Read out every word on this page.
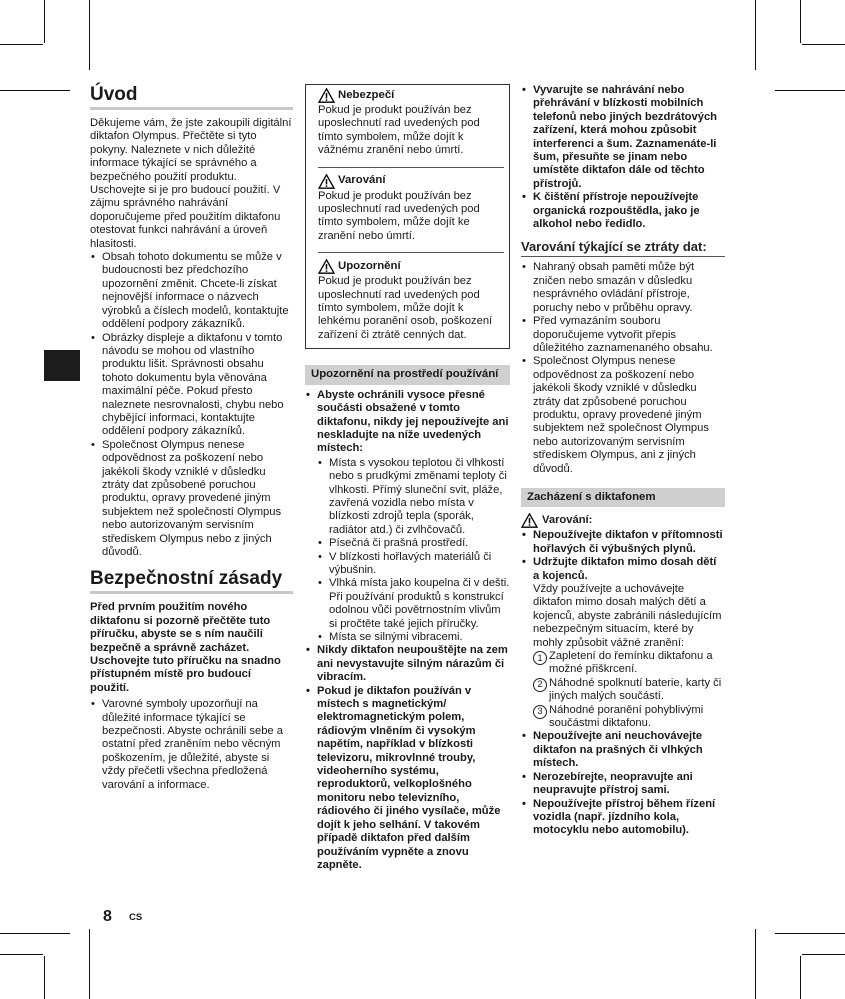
Úvod

Děkujeme vám, že jste zakoupili digitální diktafon Olympus. Přečtěte si tyto pokyny. Naleznete v nich důležité informace týkající se správného a bezpečného použití produktu. Uschovejte si je pro budoucí použití. V zájmu správného nahrávání doporučujeme před použitím diktafonu otestovat funkci nahrávání a úroveň hlasitosti.

• Obsah tohoto dokumentu se může v budoucnosti bez předchozího upozornění změnit. Chcete-li získat nejnovější informace o názvech výrobků a číslech modelů, kontaktujte oddělení podpory zákazníků.
• Obrázky displeje a diktafonu v tomto návodu se mohou od vlastního produktu lišit. Správnosti obsahu tohoto dokumentu byla věnována maximální péče. Pokud přesto naleznete nesrovnalosti, chybu nebo chybějící informaci, kontaktujte oddělení podpory zákazníků.
• Společnost Olympus nenese odpovědnost za poškození nebo jakékoli škody vzniklé v důsledku ztráty dat způsobené poruchou produktu, opravy provedené jiným subjektem než společností Olympus nebo autorizovaným servisním střediskem Olympus nebo z jiných důvodů.
Bezpečnostní zásady

Před prvním použitím nového diktafonu si pozorně přečtěte tuto příručku, abyste se s ním naučili bezpečně a správně zacházet. Uschovejte tuto příručku na snadno přístupném místě pro budoucí použití.

• Varovné symboly upozorňují na důležité informace týkající se bezpečnosti. Abyste ochránili sebe a ostatní před zraněním nebo věcným poškozením, je důležité, abyste si vždy přečetli všechna předložená varování a informace.
Nebezpečí

Pokud je produkt používán bez uposlechnutí rad uvedených pod tímto symbolem, může dojít k vážnému zranění nebo úmrtí.

Varování

Pokud je produkt používán bez uposlechnutí rad uvedených pod tímto symbolem, může dojít ke zranění nebo úmrtí.

Upozornění

Pokud je produkt používán bez uposlechnutí rad uvedených pod tímto symbolem, může dojít k lehkému poranění osob, poškození zařízení či ztrátě cenných dat.

Upozornění na prostředí používání
• Abyste ochránili vysoce přesné součásti obsažené v tomto diktafonu, nikdy jej nepoužívejte ani neskladujte na níže uvedených místech:
• Místa s vysokou teplotou či vlhkostí nebo s prudkými změnami teploty či vlhkosti. Přímý sluneční svit, pláže, zavřená vozidla nebo místa v blízkosti zdrojů tepla (sporák, radiátor atd.) či zvlhčovačů.
• Písečná či prašná prostředí.
• V blízkosti hořlavých materiálů či výbušnin.
• Vlhká místa jako koupelna či v dešti. Při používání produktů s konstrukcí odolnou vůči povětrnostním vlivům si pročtěte také jejich příručky.
• Místa se silnými vibracemi.
• Nikdy diktafon neupouštějte na zem ani nevystavujte silným nárazům či vibracím.
• Pokud je diktafon používán v místech s magnetickým/ elektromagnetickým polem, rádiovým vlněním či vysokým napětím, například v blízkosti televizoru, mikrovlnné trouby, videoherního systému, reproduktorů, velkoplošného monitoru nebo televizního, rádiového či jiného vysílače, může dojít k jeho selhání. V takovém případě diktafon před dalším používáním vypněte a znovu zapněte.
• Vyvarujte se nahrávání nebo přehrávání v blízkosti mobilních telefonů nebo jiných bezdrátových zařízení, která mohou způsobit interferenci a šum. Zaznamenáte-li šum, přesuňte se jinam nebo umístěte diktafon dále od těchto přístrojů.
• K čištění přístroje nepoužívejte organická rozpouštědla, jako je alkohol nebo ředidlo.
Varování týkající se ztráty dat:
• Nahraný obsah paměti může být zničen nebo smazán v důsledku nesprávného ovládání přístroje, poruchy nebo v průběhu opravy.
• Před vymazáním souboru doporučujeme vytvořit přepis důležitého zaznamenaného obsahu.
• Společnost Olympus nenese odpovědnost za poškození nebo jakékoli škody vzniklé v důsledku ztráty dat způsobené poruchou produktu, opravy provedené jiným subjektem než společnost Olympus nebo autorizovaným servisním střediskem Olympus, ani z jiných důvodů.
Zacházení s diktafonem
Varování:
• Nepoužívejte diktafon v přítomnosti hořlavých či výbušných plynů.
• Udržujte diktafon mimo dosah dětí a kojenců.
Vždy používejte a uchovávejte diktafon mimo dosah malých dětí a kojenců, abyste zabránili následujícím nebezpečným situacím, které by mohly způsobit vážné zranění:
1 Zapletení do řemínku diktafonu a možné přiškrcení.
2 Náhodné spolknutí baterie, karty či jiných malých součástí.
3 Náhodné poranění pohyblivými součástmi diktafonu.
• Nepoužívejte ani neuchovávejte diktafon na prašných či vlhkých místech.
• Nerozebírejte, neopravujte ani neupravujte přístroj sami.
• Nepoužívejte přístroj během řízení vozidla (např. jízdního kola, motocyklu nebo automobilu).
8 CS
